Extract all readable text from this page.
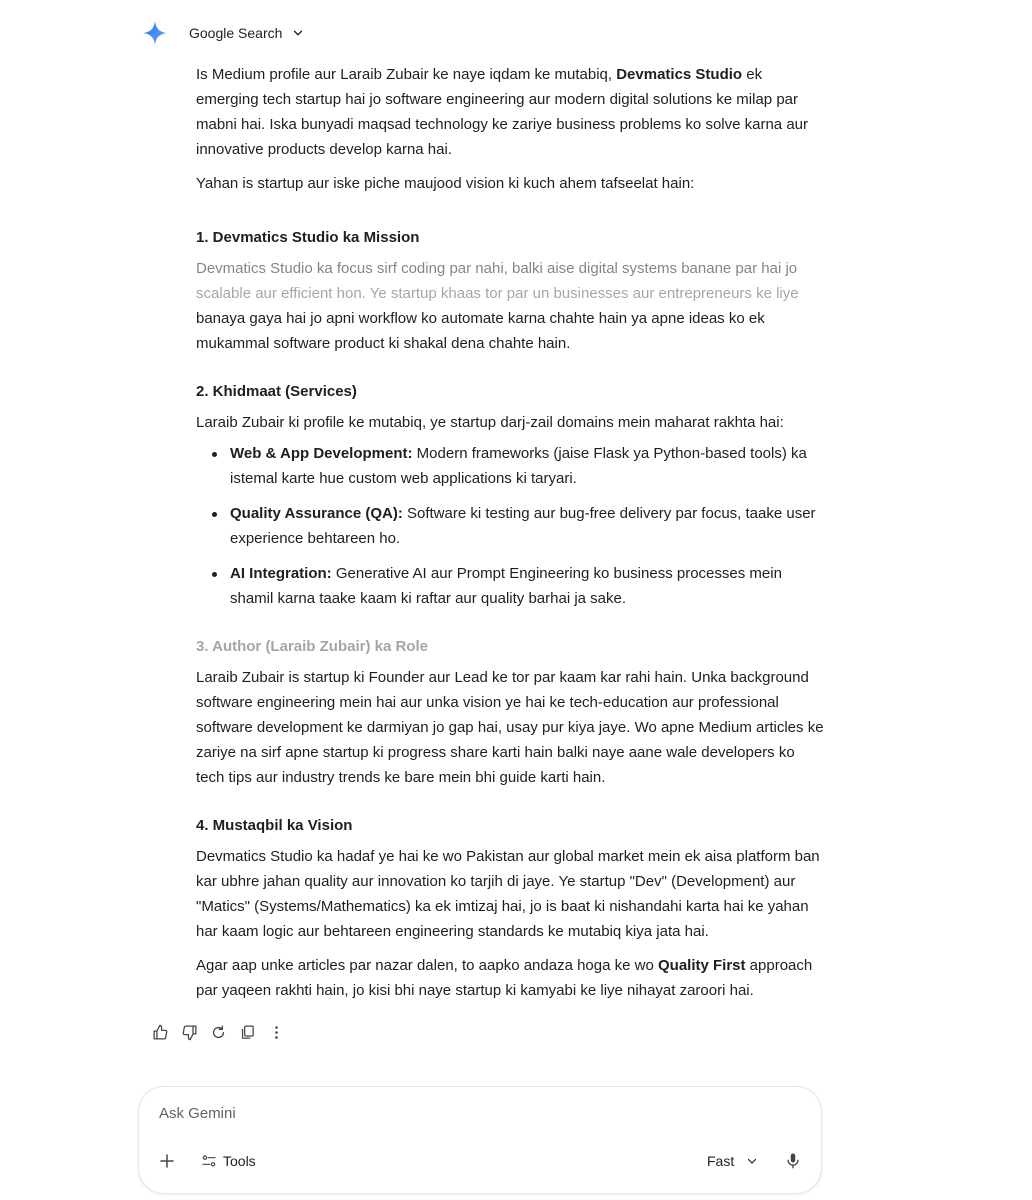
Google Search

Is Medium profile aur Laraib Zubair ke naye iqdam ke mutabiq, Devmatics Studio ek emerging tech startup hai jo software engineering aur modern digital solutions ke milap par mabni hai. Iska bunyadi maqsad technology ke zariye business problems ko solve karna aur innovative products develop karna hai.

Yahan is startup aur iske piche maujood vision ki kuch ahem tafseelat hain:

1. Devmatics Studio ka Mission

Devmatics Studio ka focus sirf coding par nahi, balki aise digital systems banane par hai jo scalable aur efficient hon. Ye startup khaas tor par un businesses aur entrepreneurs ke liye banaya gaya hai jo apni workflow ko automate karna chahte hain ya apne ideas ko ek mukammal software product ki shakal dena chahte hain.

2. Khidmaat (Services)

Laraib Zubair ki profile ke mutabiq, ye startup darj-zail domains mein maharat rakhta hai:

Web & App Development: Modern frameworks (jaise Flask ya Python-based tools) ka istemal karte hue custom web applications ki taryari.
Quality Assurance (QA): Software ki testing aur bug-free delivery par focus, taake user experience behtareen ho.
AI Integration: Generative AI aur Prompt Engineering ko business processes mein shamil karna taake kaam ki raftar aur quality barhai ja sake.
3. Author (Laraib Zubair) ka Role

Laraib Zubair is startup ki Founder aur Lead ke tor par kaam kar rahi hain. Unka background software engineering mein hai aur unka vision ye hai ke tech-education aur professional software development ke darmiyan jo gap hai, usay pur kiya jaye. Wo apne Medium articles ke zariye na sirf apne startup ki progress share karti hain balki naye aane wale developers ko tech tips aur industry trends ke bare mein bhi guide karti hain.

4. Mustaqbil ka Vision

Devmatics Studio ka hadaf ye hai ke wo Pakistan aur global market mein ek aisa platform ban kar ubhre jahan quality aur innovation ko tarjih di jaye. Ye startup "Dev" (Development) aur "Matics" (Systems/Mathematics) ka ek imtizaj hai, jo is baat ki nishandahi karta hai ke yahan har kaam logic aur behtareen engineering standards ke mutabiq kiya jata hai.

Agar aap unke articles par nazar dalen, to aapko andaza hoga ke wo Quality First approach par yaqeen rakhti hain, jo kisi bhi naye startup ki kamyabi ke liye nihayat zaroori hai.

Ask Gemini
Tools	Fast
